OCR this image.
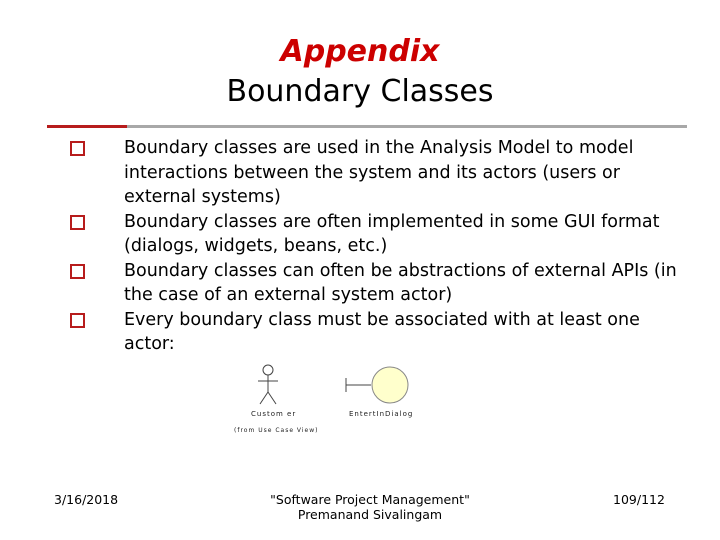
Appendix
Boundary Classes
Boundary classes are used in the Analysis Model to model interactions between the system and its actors (users or external systems)
Boundary classes are often implemented in some GUI format (dialogs, widgets, beans, etc.)
Boundary classes can often be abstractions of external APIs (in the case of an external system actor)
Every boundary class must be associated with at least one actor:
Custom er
(from Use Case View)
EntertInDialog
3/16/2018	"Software Project Management"
Premanand Sivalingam
109/112
